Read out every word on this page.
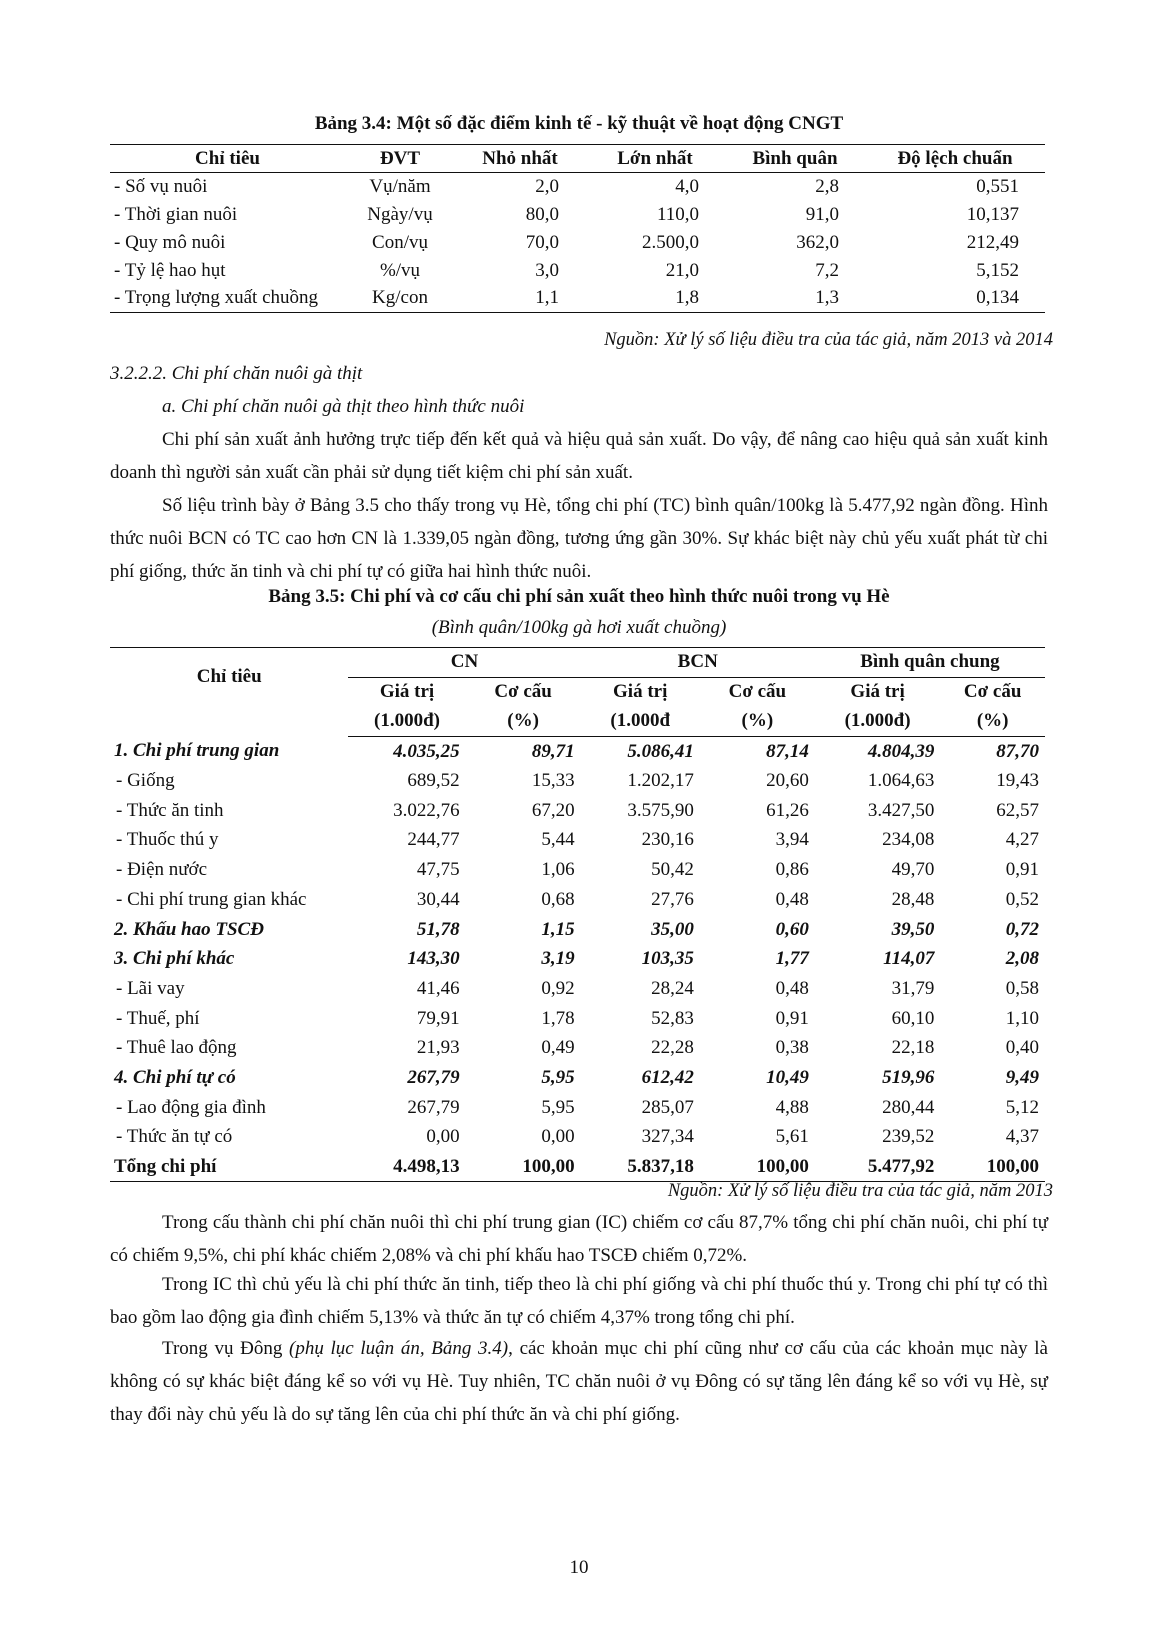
Bảng 3.4: Một số đặc điểm kinh tế - kỹ thuật về hoạt động CNGT
Chỉ tiêu	ĐVT	Nhỏ nhất	Lớn nhất	Bình quân	Độ lệch chuẩn
- Số vụ nuôi	Vụ/năm	2,0	4,0	2,8	0,551
- Thời gian nuôi	Ngày/vụ	80,0	110,0	91,0	10,137
- Quy mô nuôi	Con/vụ	70,0	2.500,0	362,0	212,49
- Tỷ lệ hao hụt	%/vụ	3,0	21,0	7,2	5,152
- Trọng lượng xuất chuồng	Kg/con	1,1	1,8	1,3	0,134
Nguồn: Xử lý số liệu điều tra của tác giả, năm 2013 và 2014
3.2.2.2. Chi phí chăn nuôi gà thịt
a. Chi phí chăn nuôi gà thịt theo hình thức nuôi

Chi phí sản xuất ảnh hưởng trực tiếp đến kết quả và hiệu quả sản xuất. Do vậy, để nâng cao hiệu quả sản xuất kinh doanh thì người sản xuất cần phải sử dụng tiết kiệm chi phí sản xuất.

Số liệu trình bày ở Bảng 3.5 cho thấy trong vụ Hè, tổng chi phí (TC) bình quân/100kg là 5.477,92 ngàn đồng. Hình thức nuôi BCN có TC cao hơn CN là 1.339,05 ngàn đồng, tương ứng gần 30%. Sự khác biệt này chủ yếu xuất phát từ chi phí giống, thức ăn tinh và chi phí tự có giữa hai hình thức nuôi.

Bảng 3.5: Chi phí và cơ cấu chi phí sản xuất theo hình thức nuôi trong vụ Hè
(Bình quân/100kg gà hơi xuất chuồng)
Chỉ tiêu	CN		BCN		Bình quân chung	
	Giá trị	Cơ cấu	Giá trị	Cơ cấu	Giá trị	Cơ cấu
	(1.000đ)	(%)	(1.000đ	(%)	(1.000đ)	(%)
1. Chi phí trung gian	4.035,25	89,71	5.086,41	87,14	4.804,39	87,70
- Giống	689,52	15,33	1.202,17	20,60	1.064,63	19,43
- Thức ăn tinh	3.022,76	67,20	3.575,90	61,26	3.427,50	62,57
- Thuốc thú y	244,77	5,44	230,16	3,94	234,08	4,27
- Điện nước	47,75	1,06	50,42	0,86	49,70	0,91
- Chi phí trung gian khác	30,44	0,68	27,76	0,48	28,48	0,52
2. Khấu hao TSCĐ	51,78	1,15	35,00	0,60	39,50	0,72
3. Chi phí khác	143,30	3,19	103,35	1,77	114,07	2,08
- Lãi vay	41,46	0,92	28,24	0,48	31,79	0,58
- Thuế, phí	79,91	1,78	52,83	0,91	60,10	1,10
- Thuê lao động	21,93	0,49	22,28	0,38	22,18	0,40
4. Chi phí tự có	267,79	5,95	612,42	10,49	519,96	9,49
- Lao động gia đình	267,79	5,95	285,07	4,88	280,44	5,12
- Thức ăn tự có	0,00	0,00	327,34	5,61	239,52	4,37
Tổng chi phí	4.498,13	100,00	5.837,18	100,00	5.477,92	100,00
Nguồn: Xử lý số liệu điều tra của tác giả, năm 2013

Trong cấu thành chi phí chăn nuôi thì chi phí trung gian (IC) chiếm cơ cấu 87,7% tổng chi phí chăn nuôi, chi phí tự có chiếm 9,5%, chi phí khác chiếm 2,08% và chi phí khấu hao TSCĐ chiếm 0,72%.

Trong IC thì chủ yếu là chi phí thức ăn tinh, tiếp theo là chi phí giống và chi phí thuốc thú y. Trong chi phí tự có thì bao gồm lao động gia đình chiếm 5,13% và thức ăn tự có chiếm 4,37% trong tổng chi phí.

Trong vụ Đông (phụ lục luận án, Bảng 3.4), các khoản mục chi phí cũng như cơ cấu của các khoản mục này là không có sự khác biệt đáng kể so với vụ Hè. Tuy nhiên, TC chăn nuôi ở vụ Đông có sự tăng lên đáng kể so với vụ Hè, sự thay đổi này chủ yếu là do sự tăng lên của chi phí thức ăn và chi phí giống.

10
